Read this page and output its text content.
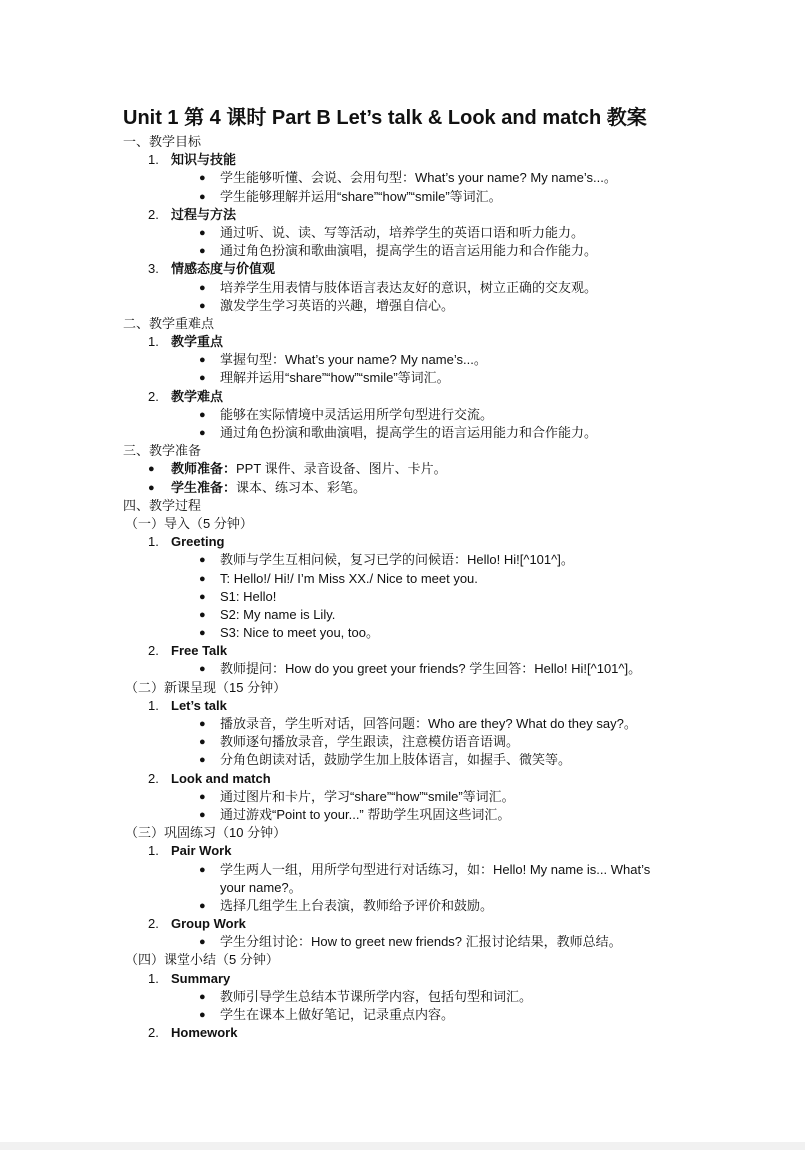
Unit 1 第 4 课时 Part B Let’s talk & Look and match 教案
一、教学目标
1. 知识与技能
● 学生能够听懂、会说、会用句型：What’s your name? My name’s...。
● 学生能够理解并运用“share”“how”“smile”等词汇。
2. 过程与方法
● 通过听、说、读、写等活动，培养学生的英语口语和听力能力。
● 通过角色扮演和歌曲演唱，提高学生的语言运用能力和合作能力。
3. 情感态度与价值观
● 培养学生用表情与肢体语言表达友好的意识，树立正确的交友观。
● 激发学生学习英语的兴趣，增强自信心。
二、教学重难点
1. 教学重点
● 掌握句型：What’s your name? My name’s...。
● 理解并运用“share”“how”“smile”等词汇。
2. 教学难点
● 能够在实际情境中灵活运用所学句型进行交流。
● 通过角色扮演和歌曲演唱，提高学生的语言运用能力和合作能力。
三、教学准备
● 教师准备：PPT 课件、录音设备、图片、卡片。
● 学生准备：课本、练习本、彩笔。
四、教学过程
（一）导入（5 分钟）
1. Greeting
● 教师与学生互相问候，复习已学的问候语：Hello! Hi![^101^]。
● T: Hello!/ Hi!/ I’m Miss XX./ Nice to meet you.
● S1: Hello!
● S2: My name is Lily.
● S3: Nice to meet you, too。
2. Free Talk
● 教师提问：How do you greet your friends? 学生回答：Hello! Hi![^101^]。
（二）新课呈现（15 分钟）
1. Let’s talk
● 播放录音，学生听对话，回答问题：Who are they? What do they say?。
● 教师逐句播放录音，学生跟读，注意模仿语音语调。
● 分角色朗读对话，鼓励学生加上肢体语言，如握手、微笑等。
2. Look and match
● 通过图片和卡片，学习“share”“how”“smile”等词汇。
● 通过游戏“Point to your...” 帮助学生巩固这些词汇。
（三）巩固练习（10 分钟）
1. Pair Work
●	学生两人一组，用所学句型进行对话练习，如：Hello! My name is... What’s your name?。
● 选择几组学生上台表演，教师给予评价和鼓励。
2. Group Work
● 学生分组讨论：How to greet new friends? 汇报讨论结果，教师总结。
（四）课堂小结（5 分钟）
1. Summary
● 教师引导学生总结本节课所学内容，包括句型和词汇。
● 学生在课本上做好笔记，记录重点内容。
2. Homework
